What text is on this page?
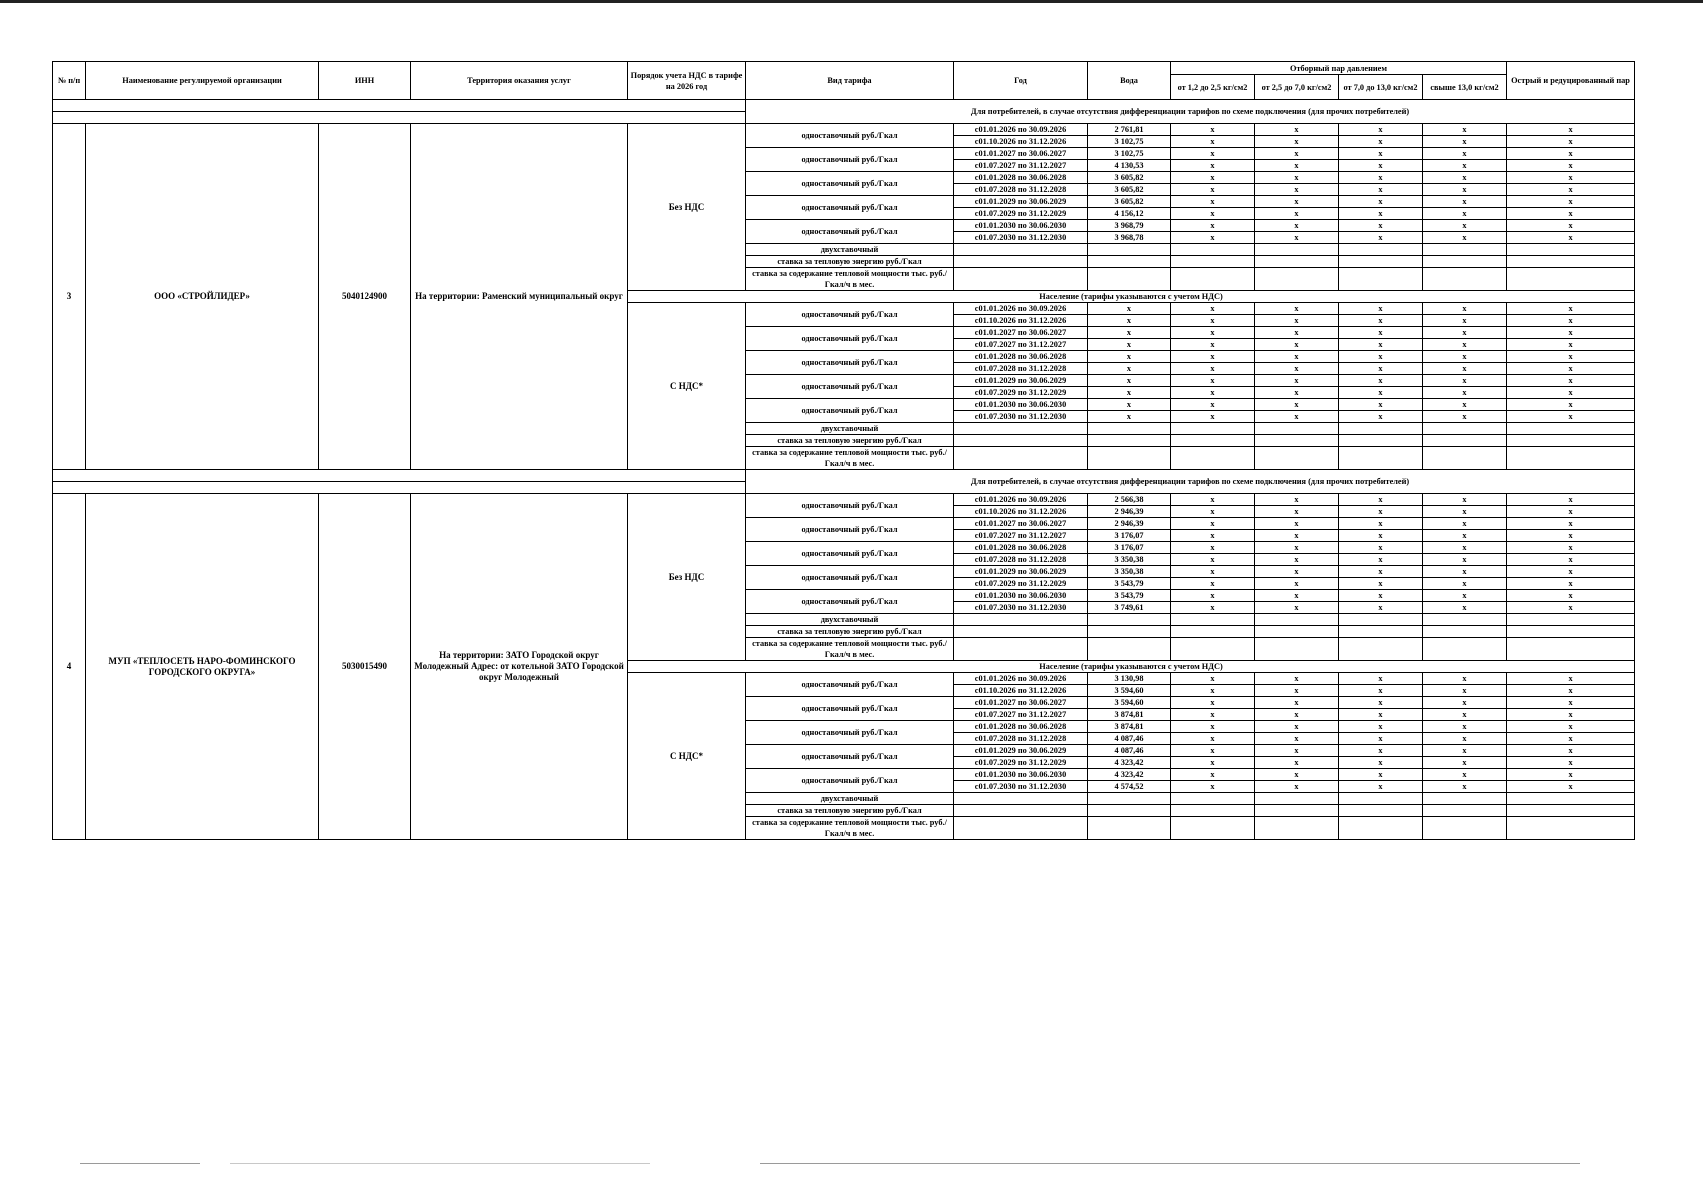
№ п/п	Наименование регулируемой организации	ИНН	Территория оказания услуг	Порядок учета НДС в тарифе на 2026 год	Вид тарифа	Год	Вода	Отборный пар давлением				Острый и редуцированный пар
								от 1,2 до 2,5 кг/см2	от 2,5 до 7,0 кг/см2	от 7,0 до 13,0 кг/см2	свыше 13,0 кг/см2	
					Для потребителей, в случае отсутствия дифференциации тарифов по схеме подключения (для прочих потребителей)							

3	ООО «СТРОЙЛИДЕР»	5040124900	На территории: Раменский муниципальный округ	Без НДС	одноставочный руб./Гкал	с01.01.2026 по 30.09.2026	2 761,81	x	x	x	x	x
						с01.10.2026 по 31.12.2026	3 102,75	x	x	x	x	x
					одноставочный руб./Гкал	с01.01.2027 по 30.06.2027	3 102,75	x	x	x	x	x
						с01.07.2027 по 31.12.2027	4 130,53	x	x	x	x	x
					одноставочный руб./Гкал	с01.01.2028 по 30.06.2028	3 605,82	x	x	x	x	x
						с01.07.2028 по 31.12.2028	3 605,82	x	x	x	x	x
					одноставочный руб./Гкал	с01.01.2029 по 30.06.2029	3 605,82	x	x	x	x	x
						с01.07.2029 по 31.12.2029	4 156,12	x	x	x	x	x
					одноставочный руб./Гкал	с01.01.2030 по 30.06.2030	3 968,79	x	x	x	x	x
						с01.07.2030 по 31.12.2030	3 968,78	x	x	x	x	x
					двухставочный							
					ставка за тепловую энергию руб./Гкал							
					ставка за содержание тепловой мощности тыс. руб./Гкал/ч в мес.							
				Население (тарифы указываются с учетом НДС)								
				С НДС*	одноставочный руб./Гкал	с01.01.2026 по 30.09.2026	x	x	x	x	x	x
						с01.10.2026 по 31.12.2026	x	x	x	x	x	x
					одноставочный руб./Гкал	с01.01.2027 по 30.06.2027	x	x	x	x	x	x
						с01.07.2027 по 31.12.2027	x	x	x	x	x	x
					одноставочный руб./Гкал	с01.01.2028 по 30.06.2028	x	x	x	x	x	x
						с01.07.2028 по 31.12.2028	x	x	x	x	x	x
					одноставочный руб./Гкал	с01.01.2029 по 30.06.2029	x	x	x	x	x	x
						с01.07.2029 по 31.12.2029	x	x	x	x	x	x
					одноставочный руб./Гкал	с01.01.2030 по 30.06.2030	x	x	x	x	x	x
						с01.07.2030 по 31.12.2030	x	x	x	x	x	x
					двухставочный							
					ставка за тепловую энергию руб./Гкал							
					ставка за содержание тепловой мощности тыс. руб./Гкал/ч в мес.							
					Для потребителей, в случае отсутствия дифференциации тарифов по схеме подключения (для прочих потребителей)							

4	МУП «ТЕПЛОСЕТЬ НАРО-ФОМИНСКОГО ГОРОДСКОГО ОКРУГА»	5030015490	На территории: ЗАТО Городской округ Молодежный Адрес: от котельной ЗАТО Городской округ Молодежный	Без НДС	одноставочный руб./Гкал	с01.01.2026 по 30.09.2026	2 566,38	x	x	x	x	x
						с01.10.2026 по 31.12.2026	2 946,39	x	x	x	x	x
					одноставочный руб./Гкал	с01.01.2027 по 30.06.2027	2 946,39	x	x	x	x	x
						с01.07.2027 по 31.12.2027	3 176,07	x	x	x	x	x
					одноставочный руб./Гкал	с01.01.2028 по 30.06.2028	3 176,07	x	x	x	x	x
						с01.07.2028 по 31.12.2028	3 350,38	x	x	x	x	x
					одноставочный руб./Гкал	с01.01.2029 по 30.06.2029	3 350,38	x	x	x	x	x
						с01.07.2029 по 31.12.2029	3 543,79	x	x	x	x	x
					одноставочный руб./Гкал	с01.01.2030 по 30.06.2030	3 543,79	x	x	x	x	x
						с01.07.2030 по 31.12.2030	3 749,61	x	x	x	x	x
					двухставочный							
					ставка за тепловую энергию руб./Гкал							
					ставка за содержание тепловой мощности тыс. руб./Гкал/ч в мес.							
				Население (тарифы указываются с учетом НДС)								
				С НДС*	одноставочный руб./Гкал	с01.01.2026 по 30.09.2026	3 130,98	x	x	x	x	x
						с01.10.2026 по 31.12.2026	3 594,60	x	x	x	x	x
					одноставочный руб./Гкал	с01.01.2027 по 30.06.2027	3 594,60	x	x	x	x	x
						с01.07.2027 по 31.12.2027	3 874,81	x	x	x	x	x
					одноставочный руб./Гкал	с01.01.2028 по 30.06.2028	3 874,81	x	x	x	x	x
						с01.07.2028 по 31.12.2028	4 087,46	x	x	x	x	x
					одноставочный руб./Гкал	с01.01.2029 по 30.06.2029	4 087,46	x	x	x	x	x
						с01.07.2029 по 31.12.2029	4 323,42	x	x	x	x	x
					одноставочный руб./Гкал	с01.01.2030 по 30.06.2030	4 323,42	x	x	x	x	x
						с01.07.2030 по 31.12.2030	4 574,52	x	x	x	x	x
					двухставочный							
					ставка за тепловую энергию руб./Гкал							
					ставка за содержание тепловой мощности тыс. руб./Гкал/ч в мес.							
